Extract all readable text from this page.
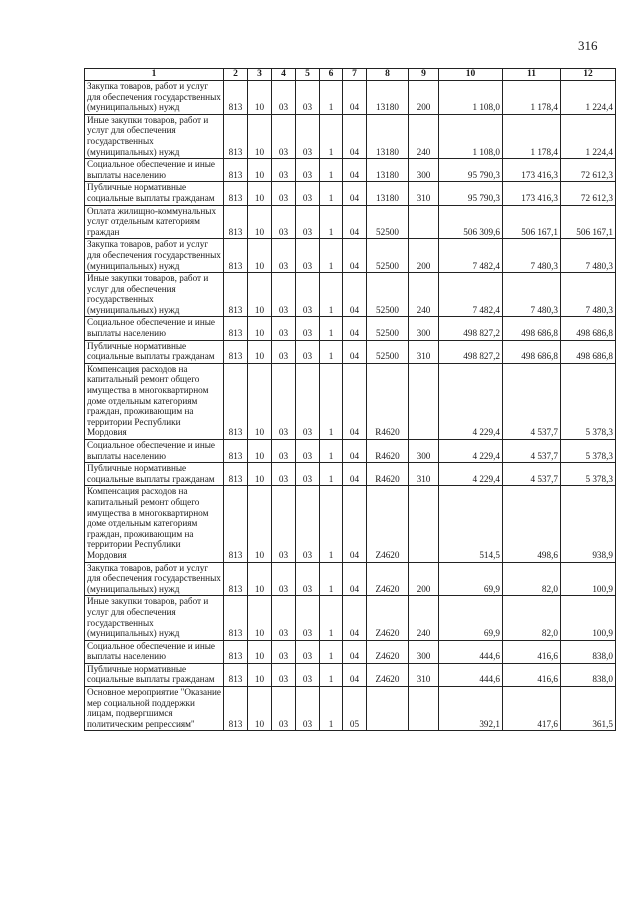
316
1	2	3	4	5	6	7	8	9	10	11	12
Закупка товаров, работ и услуг для обеспечения государственных (муниципальных) нужд	813	10	03	03	1	04	13180	200	1 108,0	1 178,4	1 224,4
Иные закупки товаров, работ и услуг для обеспечения государственных (муниципальных) нужд	813	10	03	03	1	04	13180	240	1 108,0	1 178,4	1 224,4
Социальное обеспечение и иные выплаты населению	813	10	03	03	1	04	13180	300	95 790,3	173 416,3	72 612,3
Публичные нормативные социальные выплаты гражданам	813	10	03	03	1	04	13180	310	95 790,3	173 416,3	72 612,3
Оплата жилищно-коммунальных услуг отдельным категориям граждан	813	10	03	03	1	04	52500		506 309,6	506 167,1	506 167,1
Закупка товаров, работ и услуг для обеспечения государственных (муниципальных) нужд	813	10	03	03	1	04	52500	200	7 482,4	7 480,3	7 480,3
Иные закупки товаров, работ и услуг для обеспечения государственных (муниципальных) нужд	813	10	03	03	1	04	52500	240	7 482,4	7 480,3	7 480,3
Социальное обеспечение и иные выплаты населению	813	10	03	03	1	04	52500	300	498 827,2	498 686,8	498 686,8
Публичные нормативные социальные выплаты гражданам	813	10	03	03	1	04	52500	310	498 827,2	498 686,8	498 686,8
Компенсация расходов на капитальный ремонт общего имущества в многоквартирном доме отдельным категориям граждан, проживающим на территории Республики Мордовия	813	10	03	03	1	04	R4620		4 229,4	4 537,7	5 378,3
Социальное обеспечение и иные выплаты населению	813	10	03	03	1	04	R4620	300	4 229,4	4 537,7	5 378,3
Публичные нормативные социальные выплаты гражданам	813	10	03	03	1	04	R4620	310	4 229,4	4 537,7	5 378,3
Компенсация расходов на капитальный ремонт общего имущества в многоквартирном доме отдельным категориям граждан, проживающим на территории Республики Мордовия	813	10	03	03	1	04	Z4620		514,5	498,6	938,9
Закупка товаров, работ и услуг для обеспечения государственных (муниципальных) нужд	813	10	03	03	1	04	Z4620	200	69,9	82,0	100,9
Иные закупки товаров, работ и услуг для обеспечения государственных (муниципальных) нужд	813	10	03	03	1	04	Z4620	240	69,9	82,0	100,9
Социальное обеспечение и иные выплаты населению	813	10	03	03	1	04	Z4620	300	444,6	416,6	838,0
Публичные нормативные социальные выплаты гражданам	813	10	03	03	1	04	Z4620	310	444,6	416,6	838,0
Основное мероприятие "Оказание мер социальной поддержки лицам, подвергшимся политическим репрессиям"	813	10	03	03	1	05			392,1	417,6	361,5
